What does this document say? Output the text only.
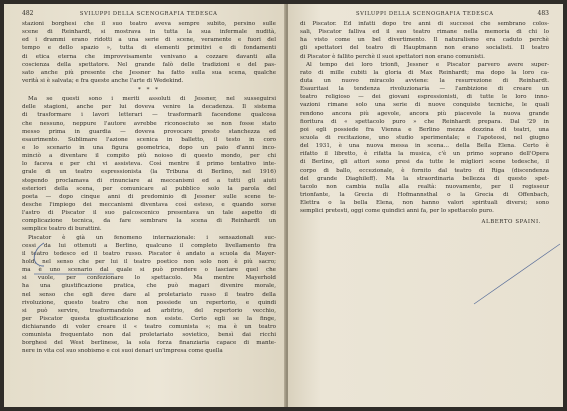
482	SVILUPPI DELLA SCENOGRAFIA TEDESCA
stazioni borghesi che il suo teatro aveva sempre subito, persino sulle
scene di Reinhardt, si mostrava in tutta la sua infermale nudità,
ed i drammi erano ridotti a una serie di scene, veramente e fuori del
tempo e dello spazio », tutta di elementi primitivi e di fondamenti
di etica eterna che improvvisamente venivano a cozzare davanti alla
coscienza della spettatore. Nel grande falò delle tradizioni e del pas-
sato anche più presente che Jessner ha fatto sulla sua scena, qualche
verità si è salvata; e fra queste anche l'arte di Wedekind.
* * *
Ma se questi sono i meriti assoluti di Jessner, nel susseguirsi
delle stagioni, anche per lui doveva venire la decadenza. Il sistema
di trasformare i lavori letterari — trasformarli facendone qualcosa
che nessuno, neppure l'autore avrebbe riconosciuto se non fosse stato
messo prima in guardia — doveva provocare presto stanchezza ed
esaurimento. Sublimare l'azione scenica in balletto, il testo in coro
e lo scenario in una figura geometrica, dopo un paio d'anni inco-
minciò a diventare il compito più noioso di questo mondo, per chi
lo faceva e per chi vi assisteva. Così mentre il primo tentativo inte-
grale di un teatro espressionista (la Tribuna di Berlino, nel 1916)
stegendo proclamava di rinunciare ai meccanismi ed a tutti gli aiuti
esteriori della scena, per comunicare al pubblico solo la parola del
poeta — dopo cinque anni di predominio di Jessner sulle scene te-
desche l'impiego dei meccanismi diventava così esteso, e quando sorse
l'astro di Piscator il suo palcoscenico presentava un tale aspetto di
complicazione tecnica, da fare sembrare la scena di Reinhardt un
semplice teatro di burattini.
Piscator è già un fenomeno internazionale: i sensazionali suc-
cessi da lui ottenuti a Berlino, qualcuno il completo livellamento fra
il teatro tedesco ed il teatro russo. Piscator è andato a scuola da Mayer-
hold, nel senso che per lui il teatro poetico non solo non è più sacro;
ma è uno scenario dal quale si può prendere o lasciare quel che
si vuole, per confezionare lo spettacolo. Ma mentre Mayerhold
ha una giustificazione pratica, che può magari divenire morale,
nel senso che egli deve dare al proletariato russo il teatro della
rivoluzione, questo teatro che non possiede un repertorio, e quindi
si può servire, trasformandolo ad arbitrio, del repertorio vecchio,
per Piscator questa giustificazione non esiste. Certo egli se la finge,
dichiarando di voler creare il « teatro comunista »; ma è un teatro
comunista frequentato non dal proletariato sovietico, bensì dai ricchi
borghesi del West berlinese, la sola forza finanziaria capace di mante-
nere in vita col suo snobismo e coi suoi denari un'impresa come quella
SVILUPPI DELLA SCENOGRAFIA TEDESCA	483
di Piscator. Ed infatti dopo tre anni di successi che sembrano colos-
sali, Piscator falliva ed il suo teatro rimane nella memoria di chi lo
ha visto come un bel divertimento. Il naturalismo era caduto perchè
gli spettatori del teatro di Hauptmann non erano socialisti. Il teatro
di Piscator è fallito perchè il suoi spettatori non erano comunisti.
Al tempo dei loro trionfi, Jessner e Piscator parvero avere super-
rato di mille cubiti la gloria di Max Reinhardt; ma dopo la loro ca-
duta un nuovo miracolo avviene: la resurrezione di Reinhardt.
Esauritasi la tendenza rivoluzionaria — l'ambizione di creare un
teatro religioso — dei giovani espressionisti, di tutte le loro inno-
vazioni rimane solo una serie di nuove conquiste tecniche, le quali
rendono ancora più agevole, ancora più piacevole la nuova grande
fioritura di « spettacolo puro » che Reinhardt prepara. Dal '29 in
poi egli possiede fra Vienna e Berlino mezza dozzina di teatri, una
scuola di recitazione, uno studio sperimentale; e l'apoteosi, nel giugno
del 1931, è una nuova messa in scena... della Bella Elena. Certo è
rifatto il libretto, è rifatta la musica, c'è un primo soprano dell'Opera
di Berlino, gli attori sono presi da tutte le migliori scene tedesche, il
corpo di ballo, eccezionale, è fornito dal teatro di Riga (discendenza
del grande Diaghileff). Ma la straordinaria bellezza di questo spet-
tacolo non cambia nulla alla realtà: nuovamente, per il regisseur
trionfante, la Grecia di Hofmannsthal o la Grecia di Offenbach,
Elettra o la bella Elena, non hanno valori spirituali diversi; sono
semplici pretesti, oggi come quindici anni fa, per lo spettacolo puro.
ALBERTO SPAINI.
